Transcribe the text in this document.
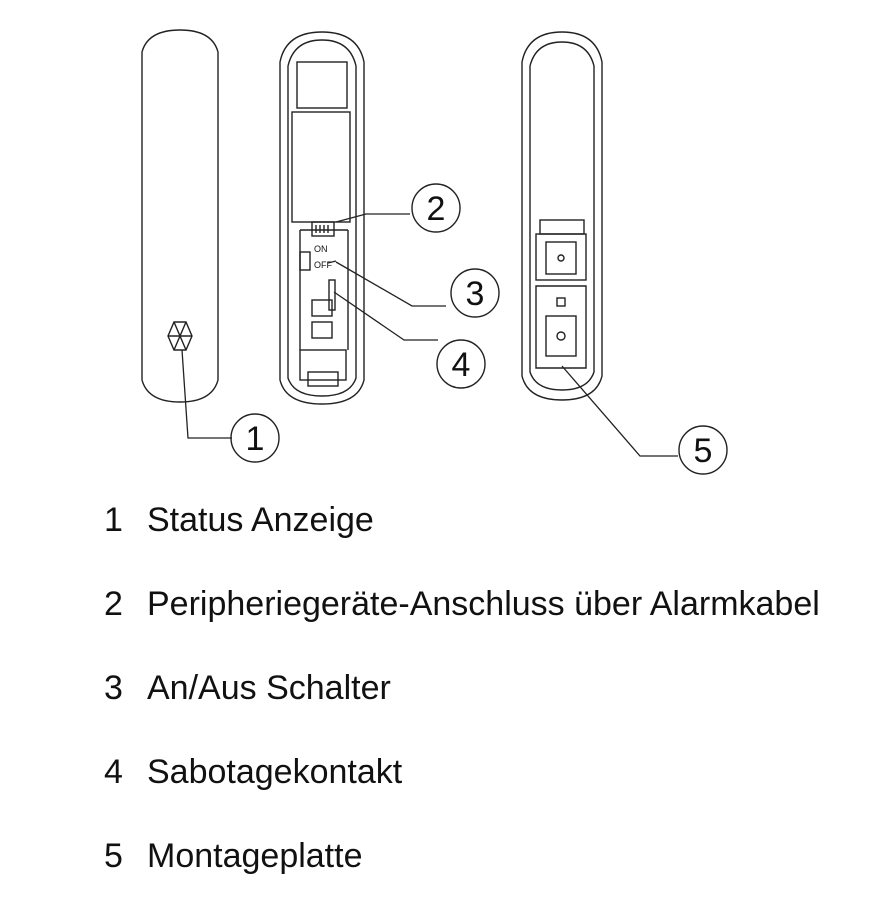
ON
OFF
1
2
3
4
5
1 Status Anzeige
2 Peripheriegeräte-Anschluss über Alarmkabel
3 An/Aus Schalter
4 Sabotagekontakt
5 Montageplatte
